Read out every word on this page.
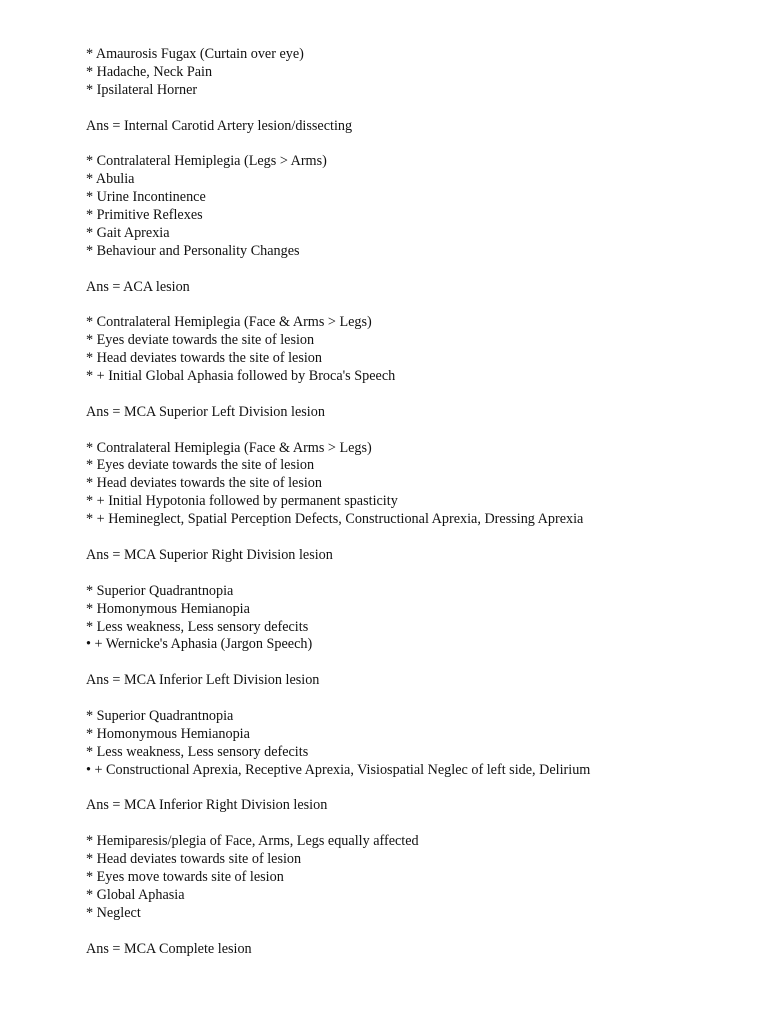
* Amaurosis Fugax (Curtain over eye)
* Hadache, Neck Pain
* Ipsilateral Horner
Ans = Internal Carotid Artery lesion/dissecting
* Contralateral Hemiplegia (Legs > Arms)
* Abulia
* Urine Incontinence
* Primitive Reflexes
* Gait Aprexia
* Behaviour and Personality Changes
Ans = ACA lesion
* Contralateral Hemiplegia (Face & Arms > Legs)
* Eyes deviate towards the site of lesion
* Head deviates towards the site of lesion
* + Initial Global Aphasia followed by Broca's Speech
Ans = MCA Superior Left Division lesion
* Contralateral Hemiplegia (Face & Arms > Legs)
* Eyes deviate towards the site of lesion
* Head deviates towards the site of lesion
* + Initial Hypotonia followed by permanent spasticity
* + Hemineglect, Spatial Perception Defects, Constructional Aprexia, Dressing Aprexia
Ans = MCA Superior Right Division lesion
* Superior Quadrantnopia
* Homonymous Hemianopia
* Less weakness, Less sensory defecits
• + Wernicke's Aphasia (Jargon Speech)
Ans = MCA Inferior Left Division lesion
* Superior Quadrantnopia
* Homonymous Hemianopia
* Less weakness, Less sensory defecits
• + Constructional Aprexia, Receptive Aprexia, Visiospatial Neglec of left side, Delirium
Ans = MCA Inferior Right Division lesion
* Hemiparesis/plegia of Face, Arms, Legs equally affected
* Head deviates towards site of lesion
* Eyes move towards site of lesion
* Global Aphasia
* Neglect
Ans = MCA Complete lesion
